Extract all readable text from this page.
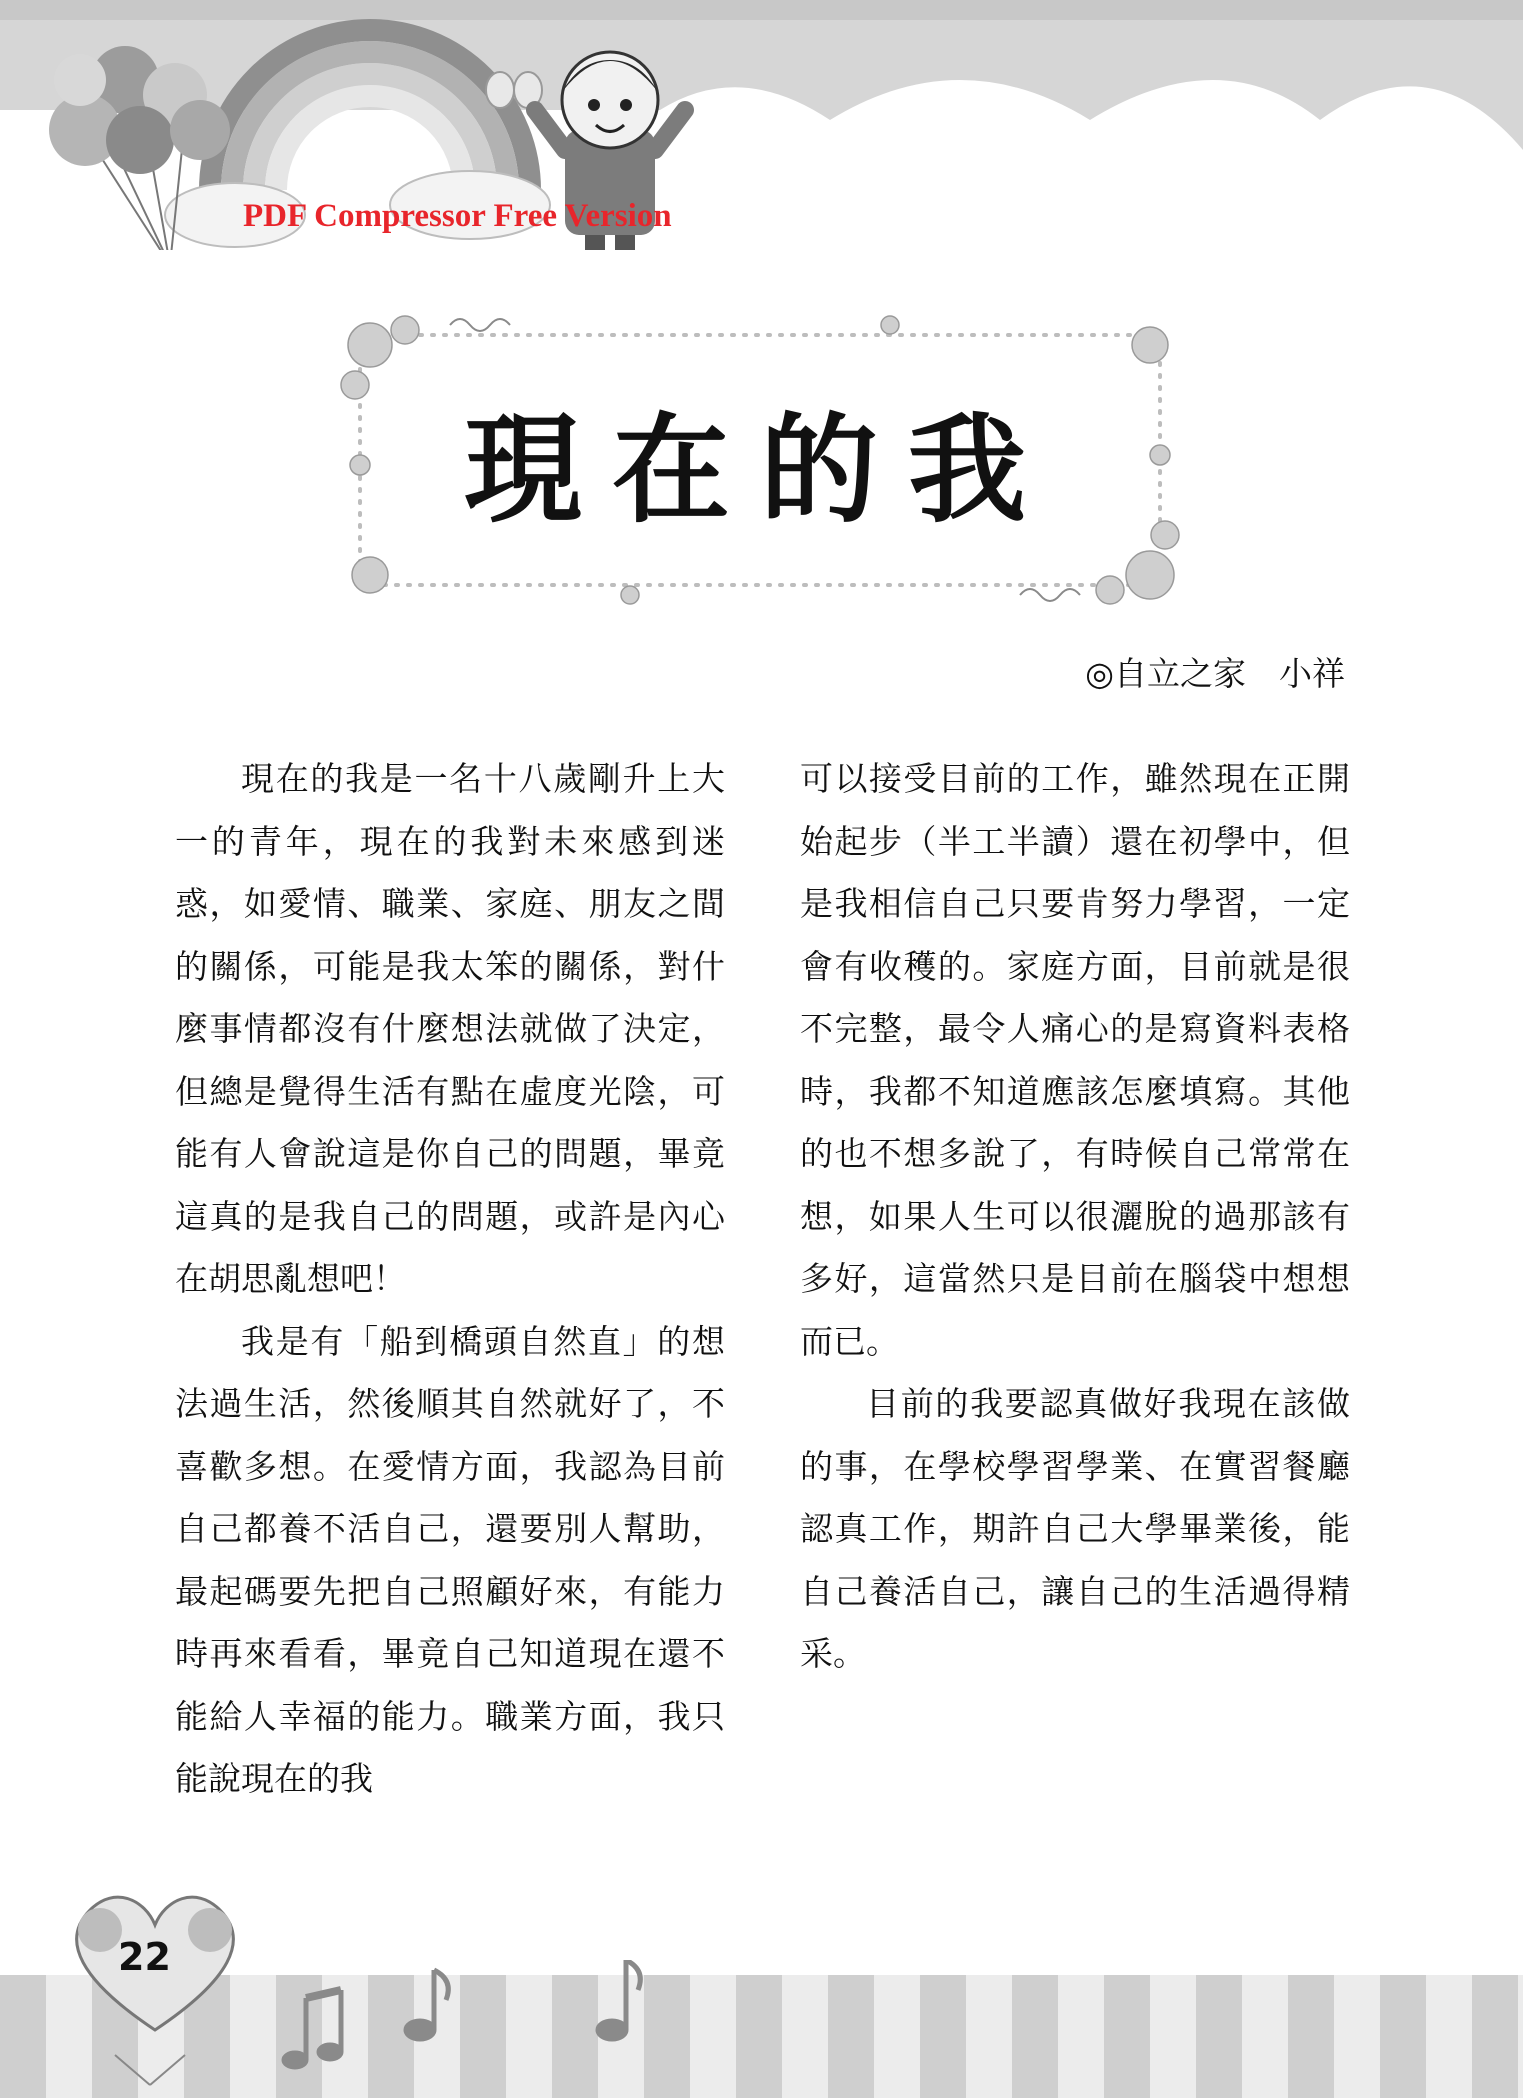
PDF Compressor Free Version
現在的我
◎自立之家　小祥

現在的我是一名十八歲剛升上大一的青年，現在的我對未來感到迷惑，如愛情、職業、家庭、朋友之間的關係，可能是我太笨的關係，對什麼事情都沒有什麼想法就做了決定，但總是覺得生活有點在虛度光陰，可能有人會說這是你自己的問題，畢竟這真的是我自己的問題，或許是內心在胡思亂想吧！

我是有「船到橋頭自然直」的想法過生活，然後順其自然就好了，不喜歡多想。在愛情方面，我認為目前自己都養不活自己，還要別人幫助，最起碼要先把自己照顧好來，有能力時再來看看，畢竟自己知道現在還不能給人幸福的能力。職業方面，我只能說現在的我

可以接受目前的工作，雖然現在正開始起步（半工半讀）還在初學中，但是我相信自己只要肯努力學習，一定會有收穫的。家庭方面，目前就是很不完整，最令人痛心的是寫資料表格時，我都不知道應該怎麼填寫。其他的也不想多說了，有時候自己常常在想，如果人生可以很灑脫的過那該有多好，這當然只是目前在腦袋中想想而已。

目前的我要認真做好我現在該做的事，在學校學習學業、在實習餐廳認真工作，期許自己大學畢業後，能自己養活自己，讓自己的生活過得精采。

22
